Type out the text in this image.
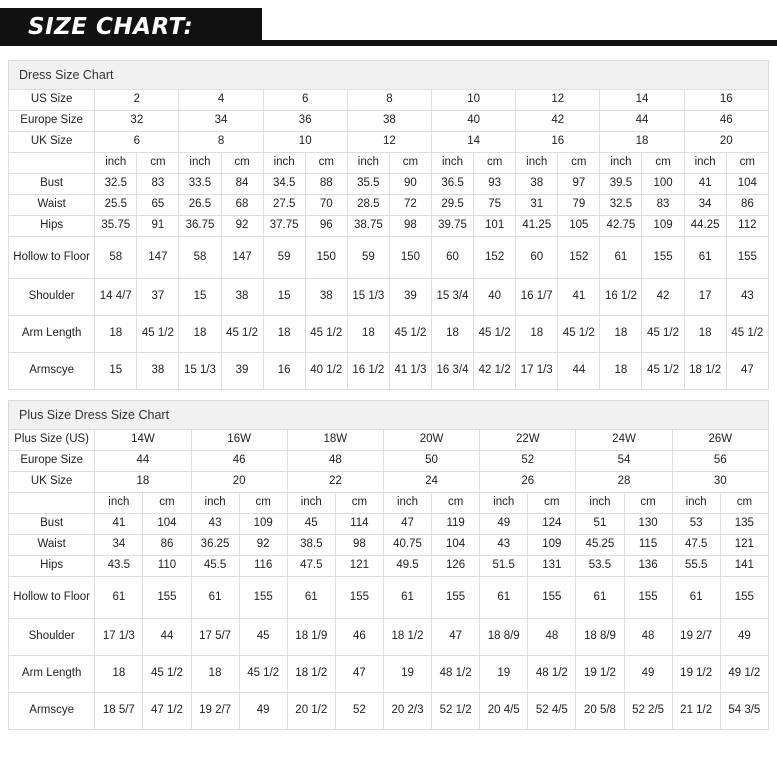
SIZE CHART:
Dress Size Chart
US Size	2		4		6		8		10		12		14		16	
Europe Size	32		34		36		38		40		42		44		46	
UK Size	6		8		10		12		14		16		18		20	
	inch	cm	inch	cm	inch	cm	inch	cm	inch	cm	inch	cm	inch	cm	inch	cm
Bust	32.5	83	33.5	84	34.5	88	35.5	90	36.5	93	38	97	39.5	100	41	104
Waist	25.5	65	26.5	68	27.5	70	28.5	72	29.5	75	31	79	32.5	83	34	86
Hips	35.75	91	36.75	92	37.75	96	38.75	98	39.75	101	41.25	105	42.75	109	44.25	112
Hollow to Floor	58	147	58	147	59	150	59	150	60	152	60	152	61	155	61	155
Shoulder	14 4/7	37	15	38	15	38	15 1/3	39	15 3/4	40	16 1/7	41	16 1/2	42	17	43
Arm Length	18	45 1/2	18	45 1/2	18	45 1/2	18	45 1/2	18	45 1/2	18	45 1/2	18	45 1/2	18	45 1/2
Armscye	15	38	15 1/3	39	16	40 1/2	16 1/2	41 1/3	16 3/4	42 1/2	17 1/3	44	18	45 1/2	18 1/2	47
Plus Size Dress Size Chart
Plus Size (US)	14W		16W		18W		20W		22W		24W		26W	
Europe Size	44		46		48		50		52		54		56	
UK Size	18		20		22		24		26		28		30	
	inch	cm	inch	cm	inch	cm	inch	cm	inch	cm	inch	cm	inch	cm
Bust	41	104	43	109	45	114	47	119	49	124	51	130	53	135
Waist	34	86	36.25	92	38.5	98	40.75	104	43	109	45.25	115	47.5	121
Hips	43.5	110	45.5	116	47.5	121	49.5	126	51.5	131	53.5	136	55.5	141
Hollow to Floor	61	155	61	155	61	155	61	155	61	155	61	155	61	155
Shoulder	17 1/3	44	17 5/7	45	18 1/9	46	18 1/2	47	18 8/9	48	18 8/9	48	19 2/7	49
Arm Length	18	45 1/2	18	45 1/2	18 1/2	47	19	48 1/2	19	48 1/2	19 1/2	49	19 1/2	49 1/2
Armscye	18 5/7	47 1/2	19 2/7	49	20 1/2	52	20 2/3	52 1/2	20 4/5	52 4/5	20 5/8	52 2/5	21 1/2	54 3/5
